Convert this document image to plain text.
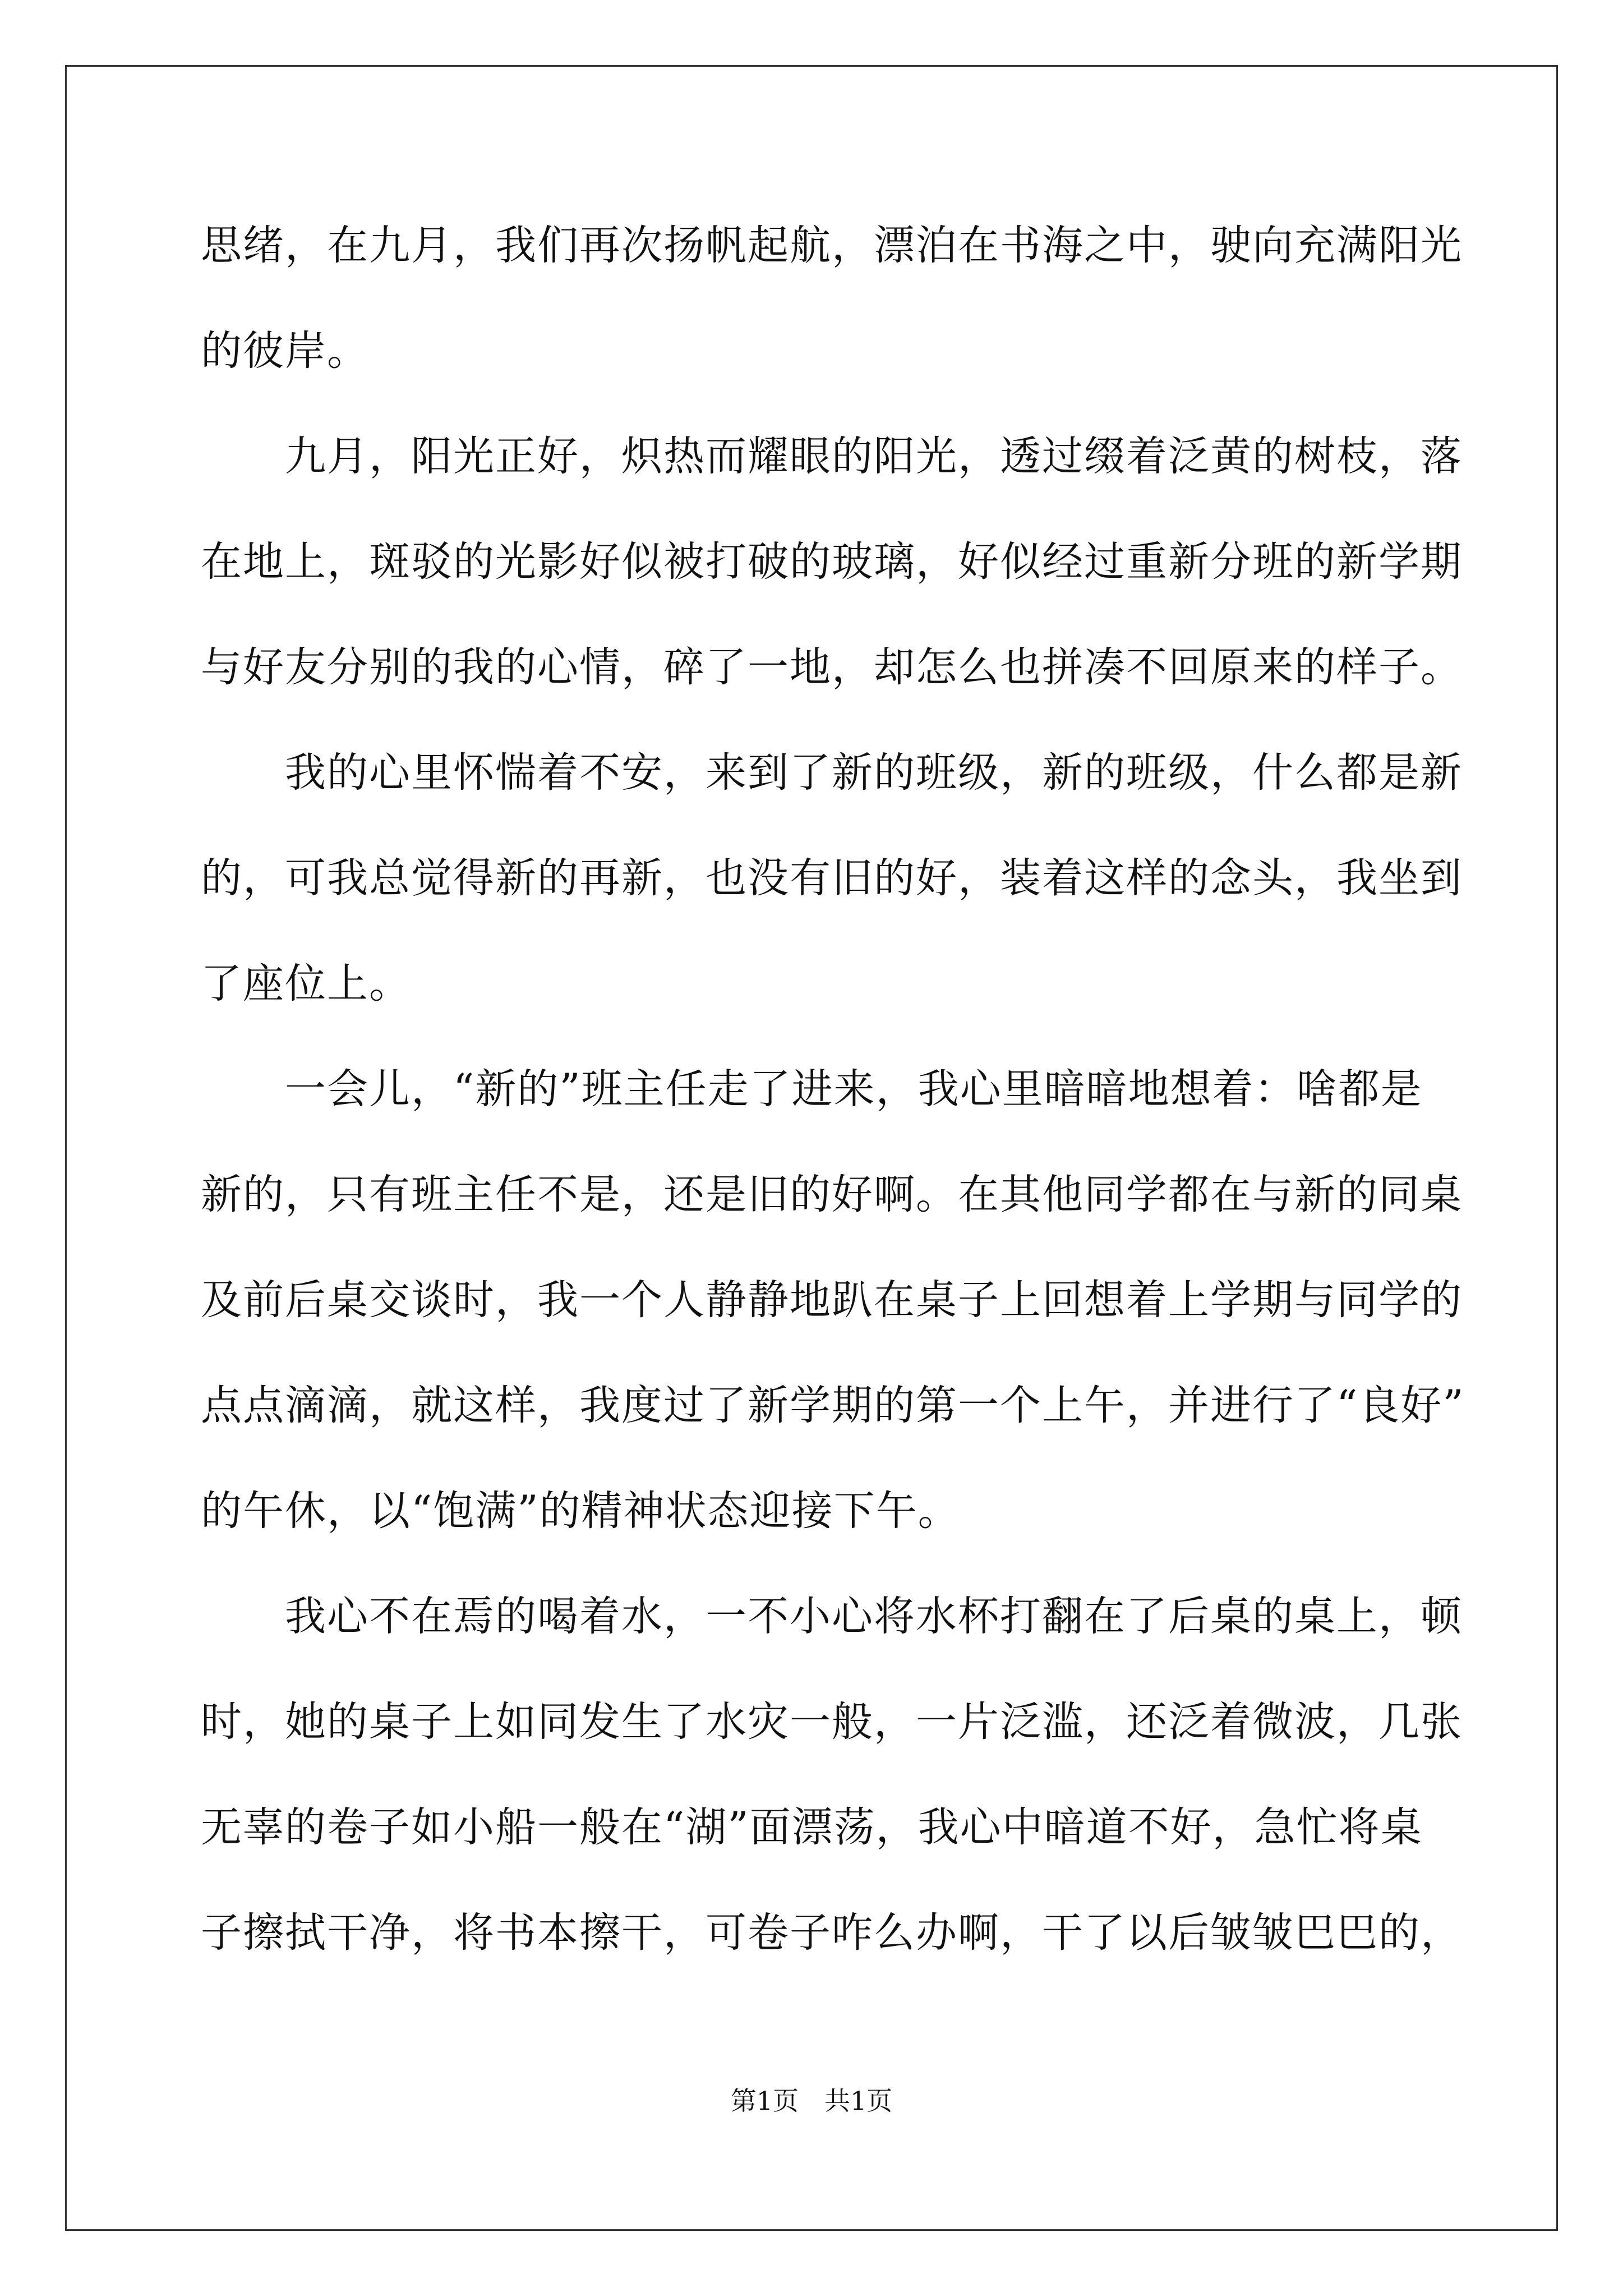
思绪，在九月，我们再次扬帆起航，漂泊在书海之中，驶向充满阳光
的彼岸。
九月，阳光正好，炽热而耀眼的阳光，透过缀着泛黄的树枝，落
在地上，斑驳的光影好似被打破的玻璃，好似经过重新分班的新学期
与好友分别的我的心情，碎了一地，却怎么也拼凑不回原来的样子。
我的心里怀惴着不安，来到了新的班级，新的班级，什么都是新
的，可我总觉得新的再新，也没有旧的好，装着这样的念头，我坐到
了座位上。
一会儿，“新的”班主任走了进来，我心里暗暗地想着：啥都是
新的，只有班主任不是，还是旧的好啊。在其他同学都在与新的同桌
及前后桌交谈时，我一个人静静地趴在桌子上回想着上学期与同学的
点点滴滴，就这样，我度过了新学期的第一个上午，并进行了“良好”
的午休，以“饱满”的精神状态迎接下午。
我心不在焉的喝着水，一不小心将水杯打翻在了后桌的桌上，顿
时，她的桌子上如同发生了水灾一般，一片泛滥，还泛着微波，几张
无辜的卷子如小船一般在“湖”面漂荡，我心中暗道不好，急忙将桌
子擦拭干净，将书本擦干，可卷子咋么办啊，干了以后皱皱巴巴的，
第1页　共1页
